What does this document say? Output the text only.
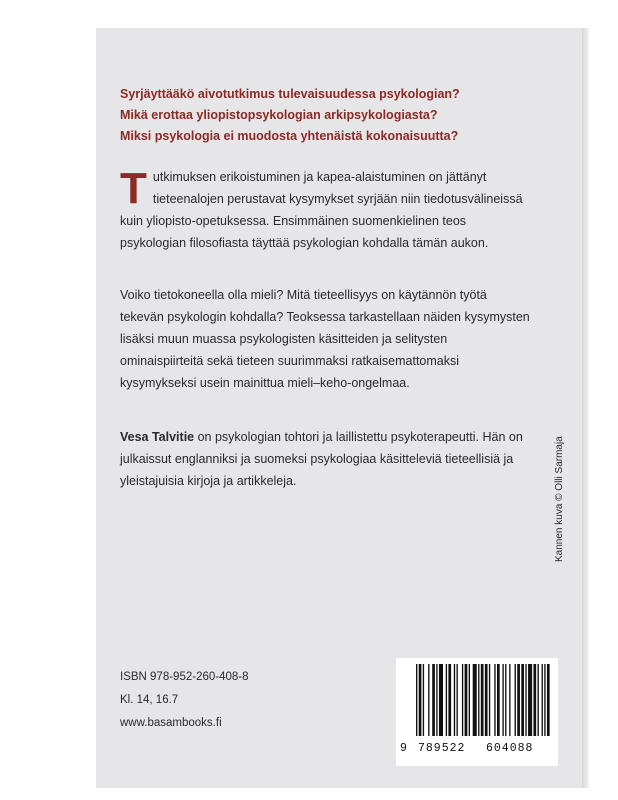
Syrjäyttääkö aivotutkimus tulevaisuudessa psykologian?

Mikä erottaa yliopistopsykologian arkipsykologiasta?

Miksi psykologia ei muodosta yhtenäistä kokonaisuutta?

Tutkimuksen erikoistuminen ja kapea-alaistuminen on jättänyt tieteenalojen perustavat kysymykset syrjään niin tiedotusvälineissä kuin yliopisto-opetuksessa. Ensimmäinen suomenkielinen teos psykologian filosofiasta täyttää psykologian kohdalla tämän aukon.

Voiko tietokoneella olla mieli? Mitä tieteellisyys on käytännön työtä tekevän psykologin kohdalla? Teoksessa tarkastellaan näiden kysymysten lisäksi muun muassa psykologisten käsitteiden ja selitysten ominaispiirteitä sekä tieteen suurimmaksi ratkaisemattomaksi kysymykseksi usein mainittua mieli–keho-ongelmaa.

Vesa Talvitie on psykologian tohtori ja laillistettu psykoterapeutti. Hän on julkaissut englanniksi ja suomeksi psykologiaa käsitteleviä tieteellisiä ja yleistajuisia kirjoja ja artikkeleja.

ISBN 978-952-260-408-8

Kl. 14, 16.7

www.basambooks.fi

Kannen kuva © Olli Sarmaja
9 789522 604088
